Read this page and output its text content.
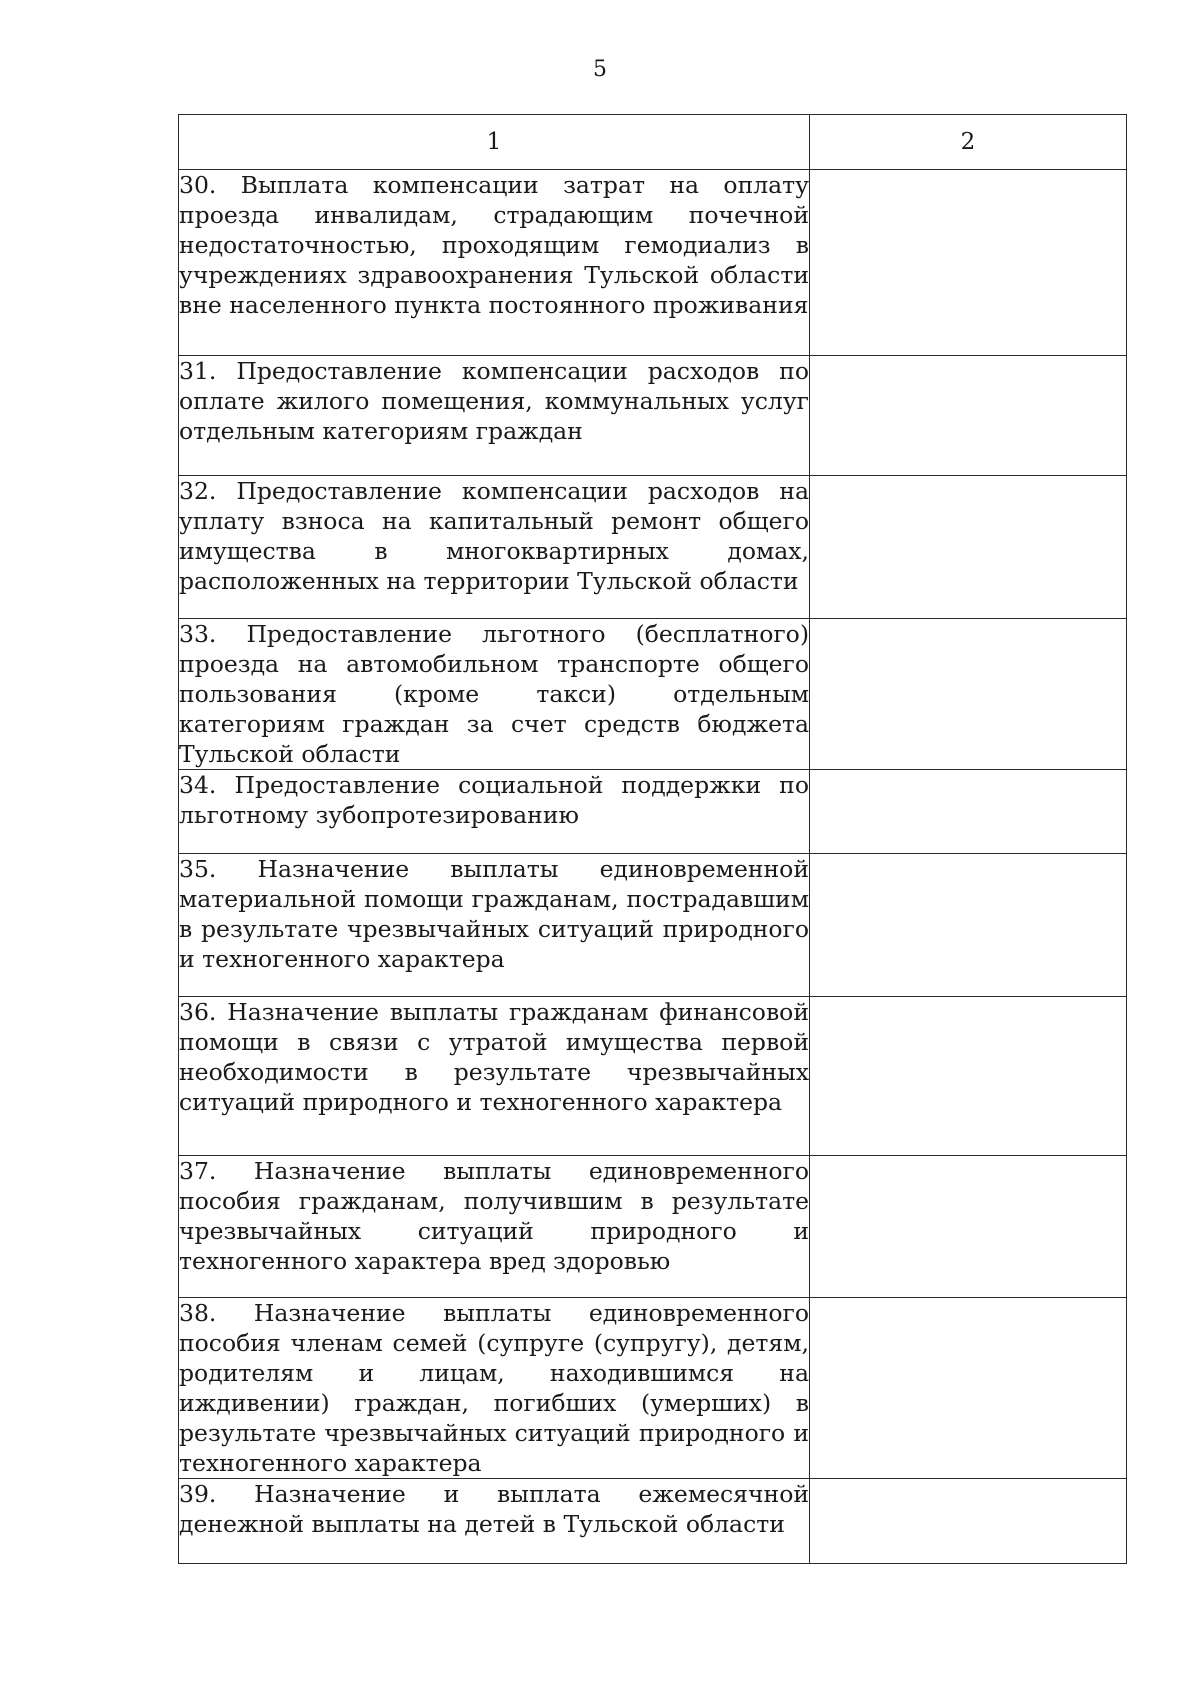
5
1	2
30. Выплата компенсации затрат на оплату проезда инвалидам, страдающим почечной недостаточностью, проходящим гемодиализ в учреждениях здравоохранения Тульской области вне населенного пункта постоянного проживания	
31. Предоставление компенсации расходов по оплате жилого помещения, коммунальных услуг отдельным категориям граждан	
32. Предоставление компенсации расходов на уплату взноса на капитальный ремонт общего имущества в многоквартирных домах, расположенных на территории Тульской области	
33. Предоставление льготного (бесплатного) проезда на автомобильном транспорте общего пользования (кроме такси) отдельным категориям граждан за счет средств бюджета Тульской области	
34. Предоставление социальной поддержки по льготному зубопротезированию	
35. Назначение выплаты единовременной материальной помощи гражданам, пострадавшим в результате чрезвычайных ситуаций природного и техногенного характера	
36. Назначение выплаты гражданам финансовой помощи в связи с утратой имущества первой необходимости в результате чрезвычайных ситуаций природного и техногенного характера	
37. Назначение выплаты единовременного пособия гражданам, получившим в результате чрезвычайных ситуаций природного и техногенного характера вред здоровью	
38. Назначение выплаты единовременного пособия членам семей (супруге (супругу), детям, родителям и лицам, находившимся на иждивении) граждан, погибших (умерших) в результате чрезвычайных ситуаций природного и техногенного характера	
39. Назначение и выплата ежемесячной денежной выплаты на детей в Тульской области	
